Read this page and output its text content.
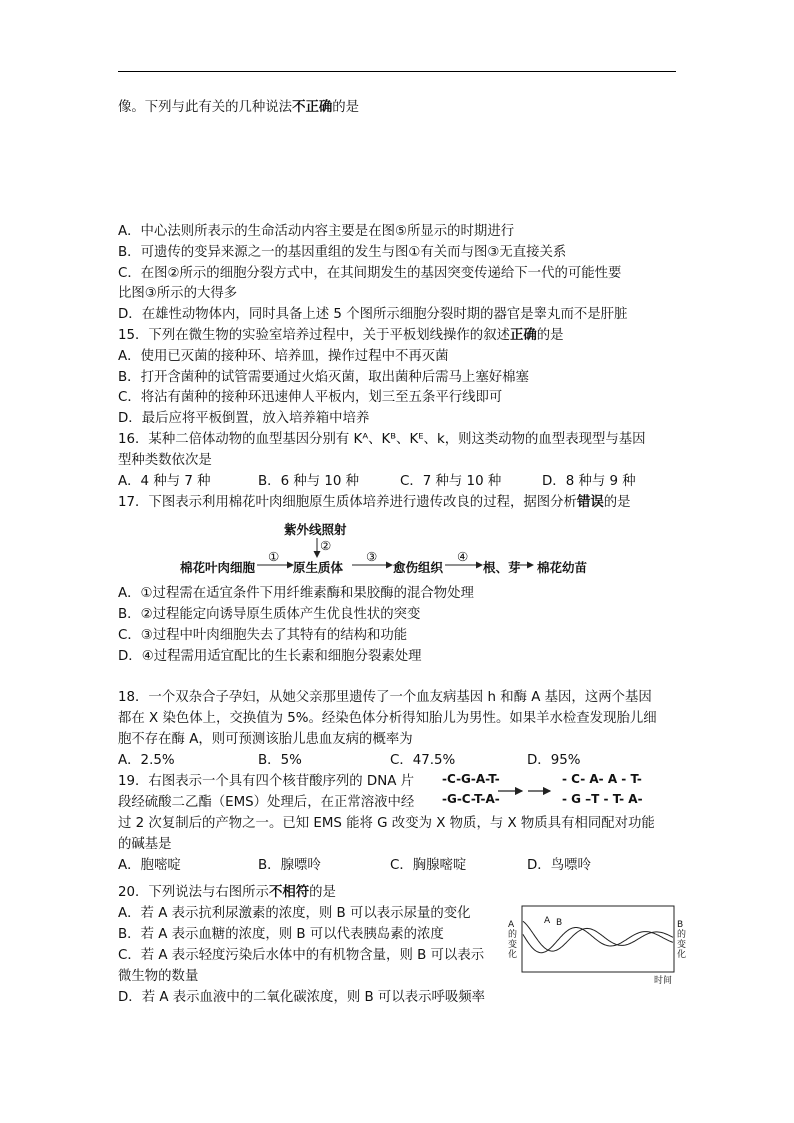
像。下列与此有关的几种说法不正确的是
A．中心法则所表示的生命活动内容主要是在图⑤所显示的时期进行
B．可遗传的变异来源之一的基因重组的发生与图①有关而与图③无直接关系
C．在图②所示的细胞分裂方式中，在其间期发生的基因突变传递给下一代的可能性要
比图③所示的大得多
D．在雄性动物体内，同时具备上述 5 个图所示细胞分裂时期的器官是睾丸而不是肝脏
15．下列在微生物的实验室培养过程中，关于平板划线操作的叙述正确的是
A．使用已灭菌的接种环、培养皿，操作过程中不再灭菌
B．打开含菌种的试管需要通过火焰灭菌，取出菌种后需马上塞好棉塞
C．将沾有菌种的接种环迅速伸人平板内，划三至五条平行线即可
D．最后应将平板倒置，放入培养箱中培养
16．某种二倍体动物的血型基因分别有 Kᴬ、Kᴮ、Kᴱ、k，则这类动物的血型表现型与基因
型种类数依次是
A．4 种与 7 种	B．6 种与 10 种	C．7 种与 10 种	D．8 种与 9 种
17．下图表示利用棉花叶肉细胞原生质体培养进行遗传改良的过程，据图分析错误的是
紫外线照射
②
棉花叶肉细胞
①
原生质体
③
愈伤组织
④
根、芽 棉花幼苗
A．①过程需在适宜条件下用纤维素酶和果胶酶的混合物处理
B．②过程能定向诱导原生质体产生优良性状的突变
C．③过程中叶肉细胞失去了其特有的结构和功能
D．④过程需用适宜配比的生长素和细胞分裂素处理
18．一个双杂合子孕妇，从她父亲那里遗传了一个血友病基因 h 和酶 A 基因，这两个基因
都在 X 染色体上，交换值为 5%。经染色体分析得知胎儿为男性。如果羊水检查发现胎儿细
胞不存在酶 A，则可预测该胎儿患血友病的概率为
A．2.5%	B．5%	C．47.5%	D．95%
19．右图表示一个具有四个核苷酸序列的 DNA 片
段经硫酸二乙酯（EMS）处理后，在正常溶液中经
-C-G-A-T-
-G-C-T-A-
- C- A- A - T-
- G –T - T- A-
过 2 次复制后的产物之一。已知 EMS 能将 G 改变为 X 物质，与 X 物质具有相同配对功能
的碱基是
A．胞嘧啶	B．腺嘌呤	C．胸腺嘧啶	D．鸟嘌呤
20．下列说法与右图所示不相符的是
A．若 A 表示抗利尿激素的浓度，则 B 可以表示尿量的变化
B．若 A 表示血糖的浓度，则 B 可以代表胰岛素的浓度
C．若 A 表示轻度污染后水体中的有机物含量，则 B 可以表示
微生物的数量
D．若 A 表示血液中的二氧化碳浓度，则 B 可以表示呼吸频率
A的变化
B的变化
时间
A B
